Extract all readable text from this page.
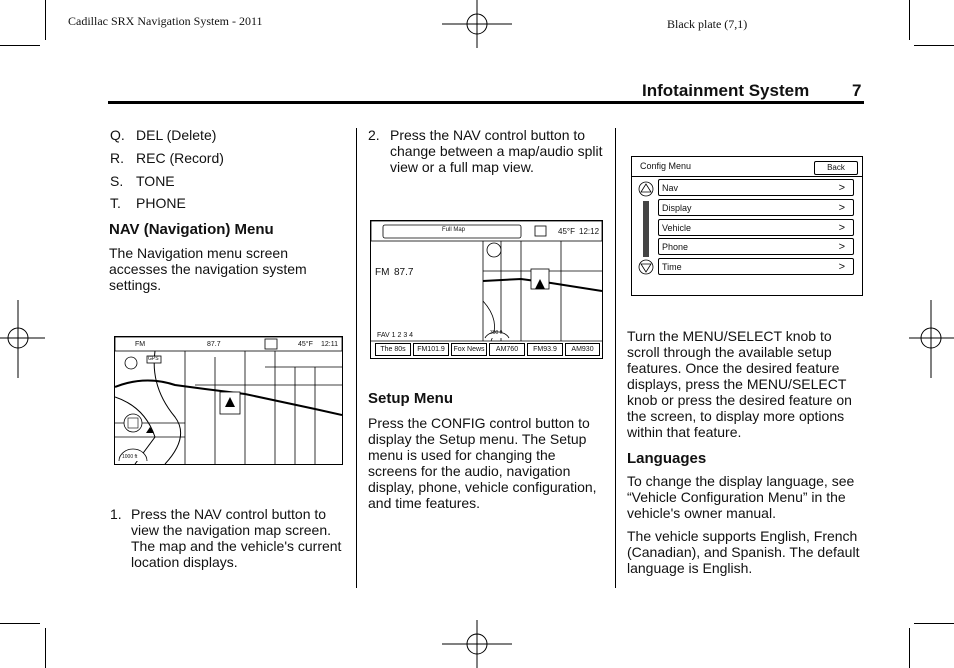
Cadillac SRX Navigation System - 2011	Black plate (7,1)
Infotainment System	7
Q. DEL (Delete)
R. REC (Record)
S. TONE
T. PHONE
NAV (Navigation) Menu

The Navigation menu screen accesses the navigation system settings.

FM	87.7	45°F 12:11
GPS
1000 ft
1. Press the NAV control button to view the navigation map screen. The map and the vehicle's current location displays.

2. Press the NAV control button to change between a map/audio split view or a full map view.

Full Map	45°F 12:12
FM 87.7
FAV 1 2 3 4	300 ft
The 80s	FM101.9	Fox News	AM760	FM93.9	AM930
Setup Menu

Press the CONFIG control button to display the Setup menu. The Setup menu is used for changing the screens for the audio, navigation display, phone, vehicle configuration, and time features.

Config Menu	Back
Nav	>
Display	>
Vehicle	>
Phone	>
Time	>

Turn the MENU/SELECT knob to scroll through the available setup features. Once the desired feature displays, press the MENU/SELECT knob or press the desired feature on the screen, to display more options within that feature.

Languages

To change the display language, see “Vehicle Configuration Menu” in the vehicle's owner manual.

The vehicle supports English, French (Canadian), and Spanish. The default language is English.
